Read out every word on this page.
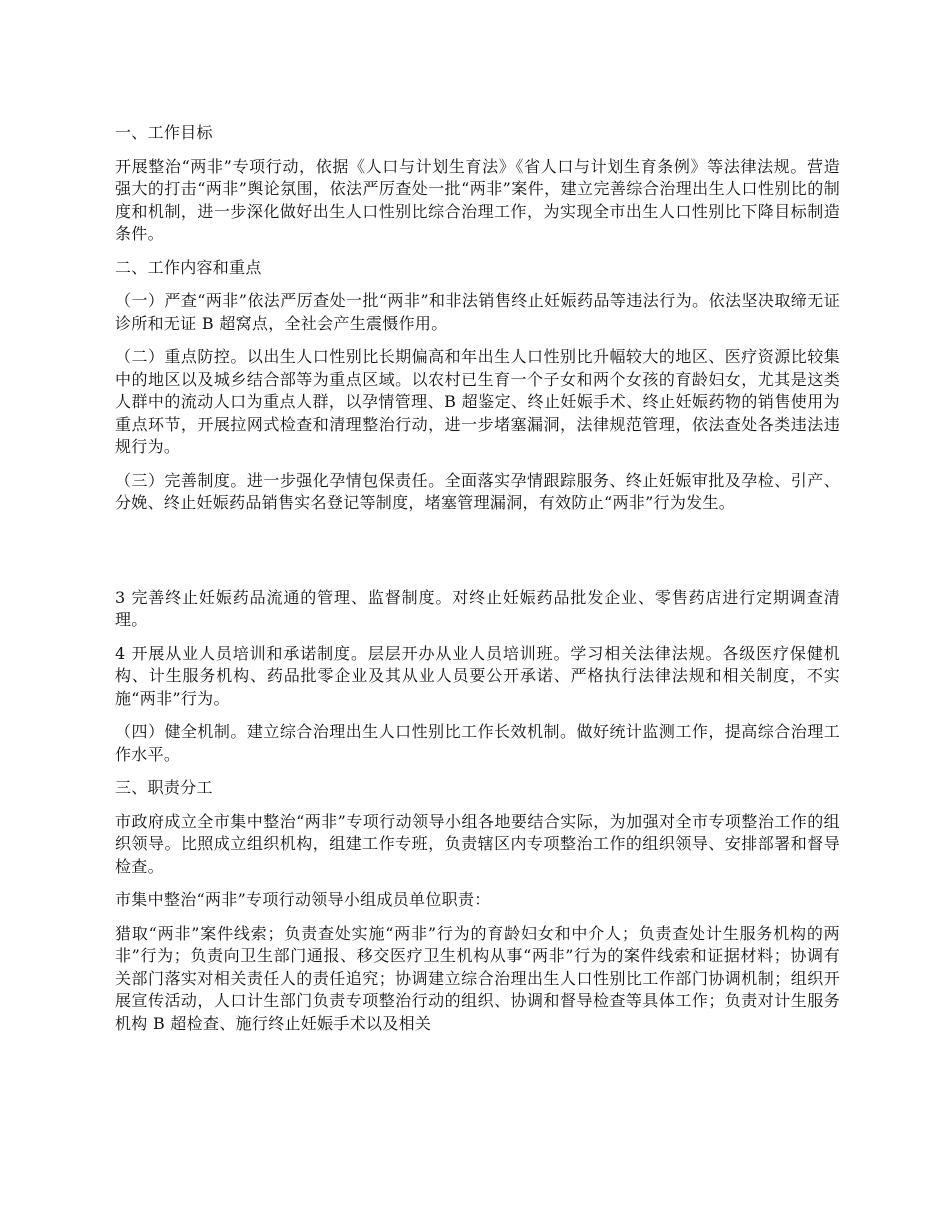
一、工作目标

开展整治“两非”专项行动，依据《人口与计划生育法》《省人口与计划生育条例》等法律法规。营造强大的打击“两非”舆论氛围，依法严厉查处一批“两非”案件，建立完善综合治理出生人口性别比的制度和机制，进一步深化做好出生人口性别比综合治理工作，为实现全市出生人口性别比下降目标制造条件。

二、工作内容和重点

（一）严查“两非”依法严厉查处一批“两非”和非法销售终止妊娠药品等违法行为。依法坚决取缔无证诊所和无证 B 超窝点，全社会产生震慑作用。

（二）重点防控。以出生人口性别比长期偏高和年出生人口性别比升幅较大的地区、医疗资源比较集中的地区以及城乡结合部等为重点区域。以农村已生育一个子女和两个女孩的育龄妇女，尤其是这类人群中的流动人口为重点人群，以孕情管理、B 超鉴定、终止妊娠手术、终止妊娠药物的销售使用为重点环节，开展拉网式检查和清理整治行动，进一步堵塞漏洞，法律规范管理，依法查处各类违法违规行为。

（三）完善制度。进一步强化孕情包保责任。全面落实孕情跟踪服务、终止妊娠审批及孕检、引产、分娩、终止妊娠药品销售实名登记等制度，堵塞管理漏洞，有效防止“两非”行为发生。

3 完善终止妊娠药品流通的管理、监督制度。对终止妊娠药品批发企业、零售药店进行定期调查清理。

4 开展从业人员培训和承诺制度。层层开办从业人员培训班。学习相关法律法规。各级医疗保健机构、计生服务机构、药品批零企业及其从业人员要公开承诺、严格执行法律法规和相关制度，不实施“两非”行为。

（四）健全机制。建立综合治理出生人口性别比工作长效机制。做好统计监测工作，提高综合治理工作水平。

三、职责分工

市政府成立全市集中整治“两非”专项行动领导小组各地要结合实际，为加强对全市专项整治工作的组织领导。比照成立组织机构，组建工作专班，负责辖区内专项整治工作的组织领导、安排部署和督导检查。

市集中整治“两非”专项行动领导小组成员单位职责：

猎取“两非”案件线索；负责查处实施“两非”行为的育龄妇女和中介人；负责查处计生服务机构的两非”行为；负责向卫生部门通报、移交医疗卫生机构从事“两非”行为的案件线索和证据材料；协调有关部门落实对相关责任人的责任追究；协调建立综合治理出生人口性别比工作部门协调机制；组织开展宣传活动，人口计生部门负责专项整治行动的组织、协调和督导检查等具体工作；负责对计生服务机构 B 超检查、施行终止妊娠手术以及相关
